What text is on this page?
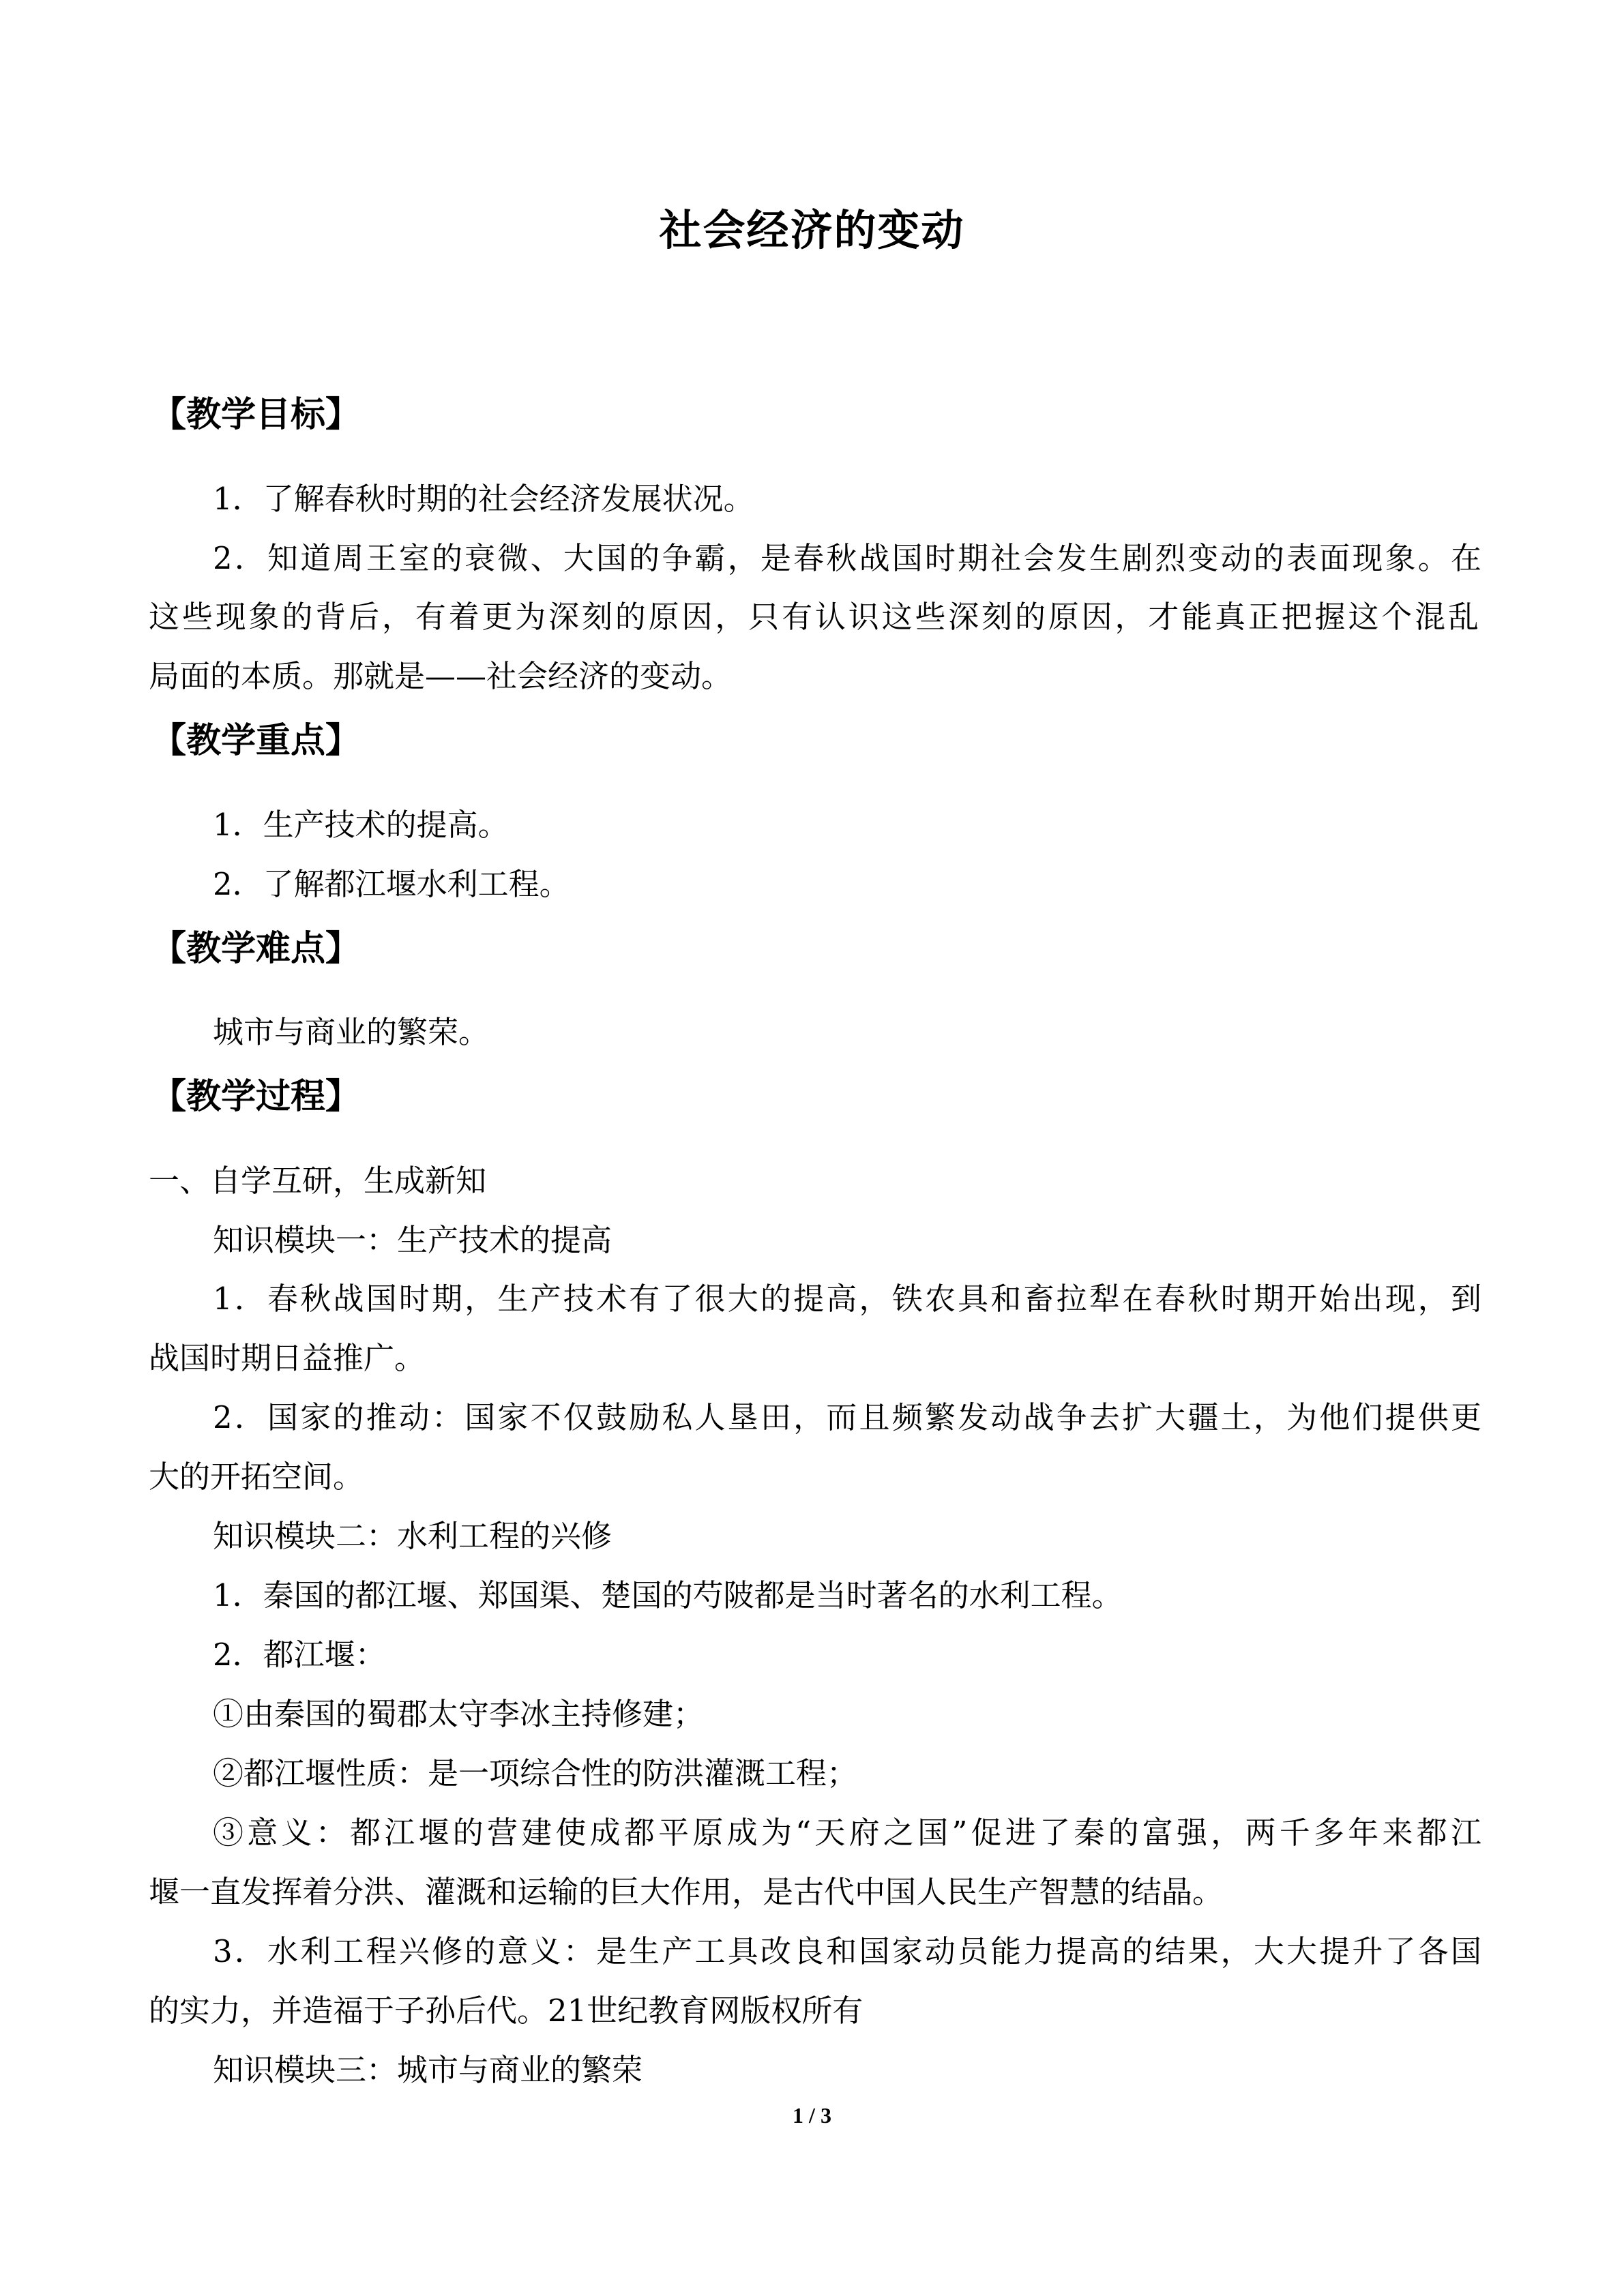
社会经济的变动
【教学目标】
1．了解春秋时期的社会经济发展状况。
2．知道周王室的衰微、大国的争霸，是春秋战国时期社会发生剧烈变动的表面现象。在
这些现象的背后，有着更为深刻的原因，只有认识这些深刻的原因，才能真正把握这个混乱
局面的本质。那就是——社会经济的变动。
【教学重点】
1．生产技术的提高。
2．了解都江堰水利工程。
【教学难点】
城市与商业的繁荣。
【教学过程】
一、自学互研，生成新知
知识模块一：生产技术的提高
1．春秋战国时期，生产技术有了很大的提高，铁农具和畜拉犁在春秋时期开始出现，到
战国时期日益推广。
2．国家的推动：国家不仅鼓励私人垦田，而且频繁发动战争去扩大疆土，为他们提供更
大的开拓空间。
知识模块二：水利工程的兴修
1．秦国的都江堰、郑国渠、楚国的芍陂都是当时著名的水利工程。
2．都江堰：
①由秦国的蜀郡太守李冰主持修建；
②都江堰性质：是一项综合性的防洪灌溉工程；
③意义：都江堰的营建使成都平原成为“天府之国”促进了秦的富强，两千多年来都江
堰一直发挥着分洪、灌溉和运输的巨大作用，是古代中国人民生产智慧的结晶。
3．水利工程兴修的意义：是生产工具改良和国家动员能力提高的结果，大大提升了各国
的实力，并造福于子孙后代。21世纪教育网版权所有
知识模块三：城市与商业的繁荣
1 / 3
